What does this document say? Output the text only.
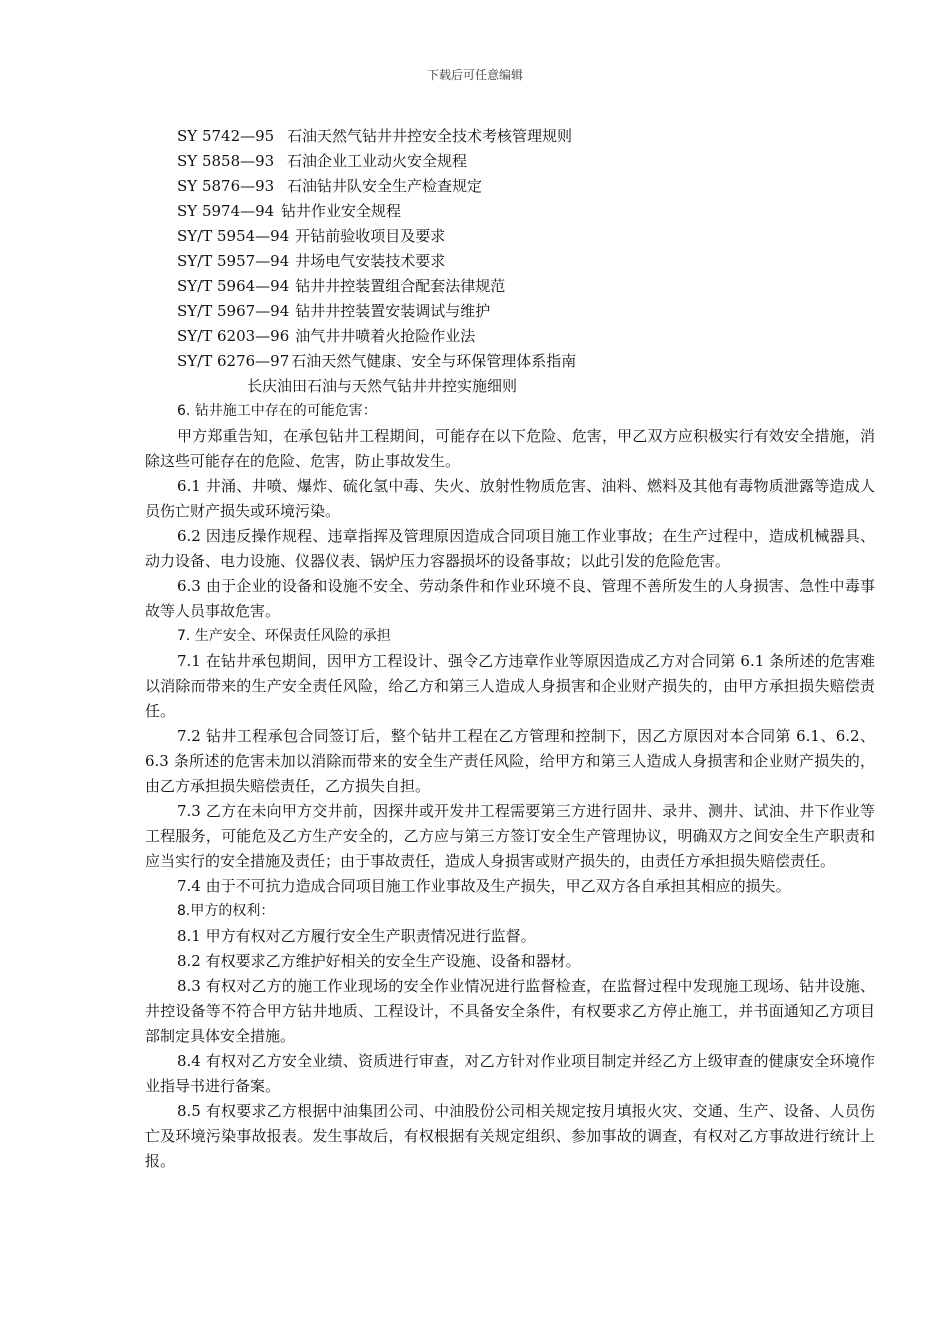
下载后可任意编辑

SY 5742—95 石油天然气钻井井控安全技术考核管理规则

SY 5858—93 石油企业工业动火安全规程

SY 5876—93 石油钻井队安全生产检查规定

SY 5974—94 钻井作业安全规程

SY/T 5954—94 开钻前验收项目及要求

SY/T 5957—94 井场电气安装技术要求

SY/T 5964—94 钻井井控装置组合配套法律规范

SY/T 5967—94 钻井井控装置安装调试与维护

SY/T 6203—96 油气井井喷着火抢险作业法

SY/T 6276—97 石油天然气健康、安全与环保管理体系指南

长庆油田石油与天然气钻井井控实施细则

6. 钻井施工中存在的可能危害：

甲方郑重告知，在承包钻井工程期间，可能存在以下危险、危害，甲乙双方应积极实行有效安全措施，消除这些可能存在的危险、危害，防止事故发生。

6.1 井涌、井喷、爆炸、硫化氢中毒、失火、放射性物质危害、油料、燃料及其他有毒物质泄露等造成人员伤亡财产损失或环境污染。

6.2 因违反操作规程、违章指挥及管理原因造成合同项目施工作业事故；在生产过程中，造成机械器具、动力设备、电力设施、仪器仪表、锅炉压力容器损坏的设备事故；以此引发的危险危害。

6.3 由于企业的设备和设施不安全、劳动条件和作业环境不良、管理不善所发生的人身损害、急性中毒事故等人员事故危害。

7. 生产安全、环保责任风险的承担

7.1 在钻井承包期间，因甲方工程设计、强令乙方违章作业等原因造成乙方对合同第 6.1 条所述的危害难以消除而带来的生产安全责任风险，给乙方和第三人造成人身损害和企业财产损失的，由甲方承担损失赔偿责任。

7.2 钻井工程承包合同签订后，整个钻井工程在乙方管理和控制下，因乙方原因对本合同第 6.1、6.2、6.3 条所述的危害未加以消除而带来的安全生产责任风险，给甲方和第三人造成人身损害和企业财产损失的，由乙方承担损失赔偿责任，乙方损失自担。

7.3 乙方在未向甲方交井前，因探井或开发井工程需要第三方进行固井、录井、测井、试油、井下作业等工程服务，可能危及乙方生产安全的，乙方应与第三方签订安全生产管理协议，明确双方之间安全生产职责和应当实行的安全措施及责任；由于事故责任，造成人身损害或财产损失的，由责任方承担损失赔偿责任。

7.4 由于不可抗力造成合同项目施工作业事故及生产损失，甲乙双方各自承担其相应的损失。

8.甲方的权利：

8.1 甲方有权对乙方履行安全生产职责情况进行监督。

8.2 有权要求乙方维护好相关的安全生产设施、设备和器材。

8.3 有权对乙方的施工作业现场的安全作业情况进行监督检查，在监督过程中发现施工现场、钻井设施、井控设备等不符合甲方钻井地质、工程设计，不具备安全条件，有权要求乙方停止施工，并书面通知乙方项目部制定具体安全措施。

8.4 有权对乙方安全业绩、资质进行审查，对乙方针对作业项目制定并经乙方上级审查的健康安全环境作业指导书进行备案。

8.5 有权要求乙方根据中油集团公司、中油股份公司相关规定按月填报火灾、交通、生产、设备、人员伤亡及环境污染事故报表。发生事故后，有权根据有关规定组织、参加事故的调查，有权对乙方事故进行统计上报。
